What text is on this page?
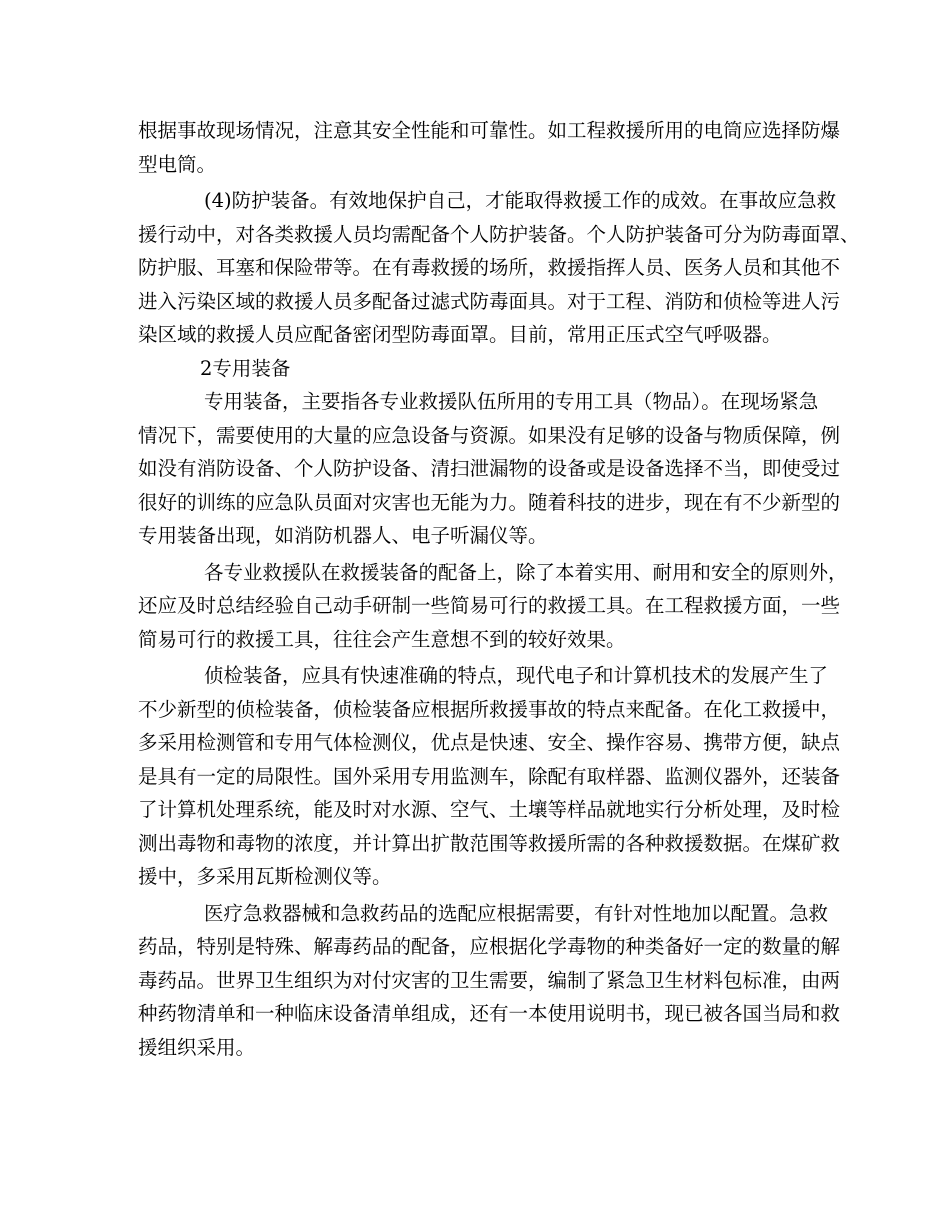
根据事故现场情况，注意其安全性能和可靠性。如工程救援所用的电筒应选择防爆
型电筒。
(4)防护装备。有效地保护自己，才能取得救援工作的成效。在事故应急救
援行动中，对各类救援人员均需配备个人防护装备。个人防护装备可分为防毒面罩、
防护服、耳塞和保险带等。在有毒救援的场所，救援指挥人员、医务人员和其他不
进入污染区域的救援人员多配备过滤式防毒面具。对于工程、消防和侦检等进人污
染区域的救援人员应配备密闭型防毒面罩。目前，常用正压式空气呼吸器。
2专用装备
专用装备，主要指各专业救援队伍所用的专用工具（物品）。在现场紧急
情况下，需要使用的大量的应急设备与资源。如果没有足够的设备与物质保障，例
如没有消防设备、个人防护设备、清扫泄漏物的设备或是设备选择不当，即使受过
很好的训练的应急队员面对灾害也无能为力。随着科技的进步，现在有不少新型的
专用装备出现，如消防机器人、电子听漏仪等。
各专业救援队在救援装备的配备上，除了本着实用、耐用和安全的原则外，
还应及时总结经验自己动手研制一些简易可行的救援工具。在工程救援方面，一些
简易可行的救援工具，往往会产生意想不到的较好效果。
侦检装备，应具有快速准确的特点，现代电子和计算机技术的发展产生了
不少新型的侦检装备，侦检装备应根据所救援事故的特点来配备。在化工救援中，
多采用检测管和专用气体检测仪，优点是快速、安全、操作容易、携带方便，缺点
是具有一定的局限性。国外采用专用监测车，除配有取样器、监测仪器外，还装备
了计算机处理系统，能及时对水源、空气、土壤等样品就地实行分析处理，及时检
测出毒物和毒物的浓度，并计算出扩散范围等救援所需的各种救援数据。在煤矿救
援中，多采用瓦斯检测仪等。
医疗急救器械和急救药品的选配应根据需要，有针对性地加以配置。急救
药品，特别是特殊、解毒药品的配备，应根据化学毒物的种类备好一定的数量的解
毒药品。世界卫生组织为对付灾害的卫生需要，编制了紧急卫生材料包标准，由两
种药物清单和一种临床设备清单组成，还有一本使用说明书，现已被各国当局和救
援组织采用。
